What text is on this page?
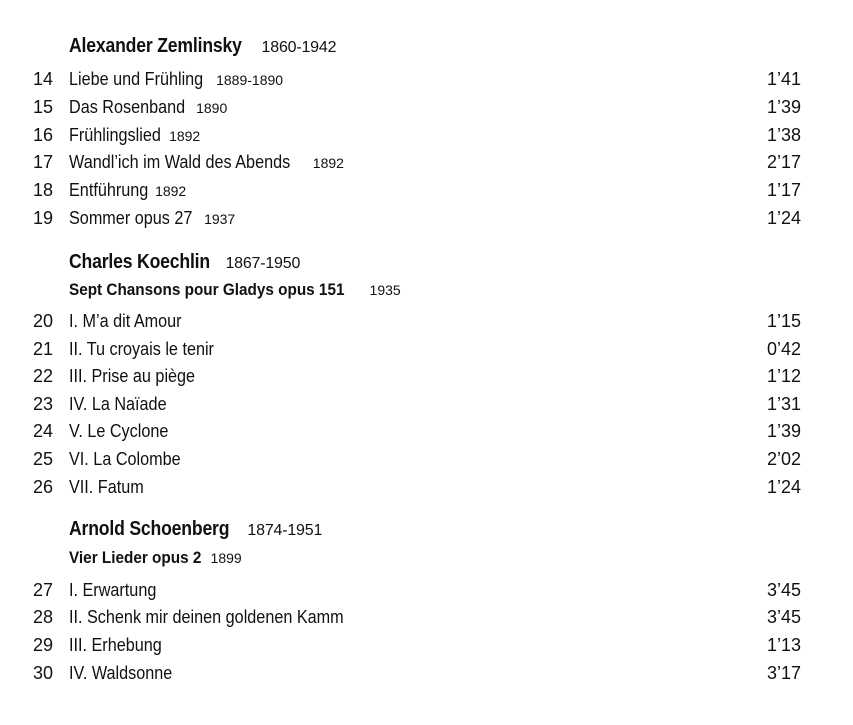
Alexander Zemlinsky 1860-1942
14 Liebe und Frühling 1889-1890	1’41
15 Das Rosenband 1890	1’39
16 Frühlingslied 1892	1’38
17 Wandl’ich im Wald des Abends 1892	2’17
18 Entführung 1892	1’17
19 Sommer opus 27 1937	1’24
Charles Koechlin 1867-1950
Sept Chansons pour Gladys opus 151 1935
20 I. M’a dit Amour	1’15
21 II. Tu croyais le tenir	0’42
22 III. Prise au piège	1’12
23 IV. La Naïade	1’31
24 V. Le Cyclone	1’39
25 VI. La Colombe	2’02
26 VII. Fatum	1’24
Arnold Schoenberg 1874-1951
Vier Lieder opus 2 1899
27 I. Erwartung	3’45
28 II. Schenk mir deinen goldenen Kamm	3’45
29 III. Erhebung	1’13
30 IV. Waldsonne	3’17
